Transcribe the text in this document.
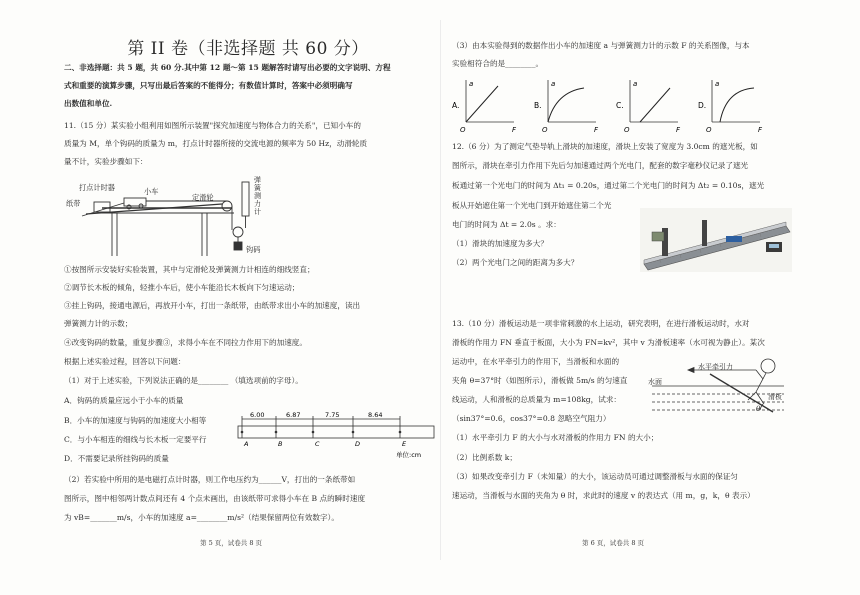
第 II 卷（非选择题 共 60 分）
二、非选择题：共 5 题，共 60 分.其中第 12 题～第 15 题解答时请写出必要的文字说明、方程
式和重要的演算步骤，只写出最后答案的不能得分；有数值计算时，答案中必须明确写
出数值和单位.
11.（15 分）某实验小组利用如图所示装置"探究加速度与物体合力的关系"，已知小车的
质量为 M，单个钩码的质量为 m，打点计时器所接的交流电源的频率为 50 Hz，动滑轮质
量不计，实验步骤如下：
打点计时器	小车
纸带
定滑轮
弹簧测力计
钩码
①按图所示安装好实验装置，其中与定滑轮及弹簧测力计相连的细线竖直；
②调节长木板的倾角，轻推小车后，使小车能沿长木板向下匀速运动；
③挂上钩码，接通电源后，再放开小车，打出一条纸带，由纸带求出小车的加速度，读出
弹簧测力计的示数；
④改变钩码的数量，重复步骤③，求得小车在不同拉力作用下的加速度。
根据上述实验过程，回答以下问题：
（1）对于上述实验，下列说法正确的是________ （填选项前的字母）。
A．钩码的质量应远小于小车的质量
B．小车的加速度与钩码的加速度大小相等
C．与小车相连的细线与长木板一定要平行
D．不需要记录所挂钩码的质量
6.00	6.87	7.75	8.64
A	B	C	D	E
单位:cm
（2）若实验中所用的是电磁打点计时器，则工作电压约为______V，打出的一条纸带如
图所示，图中相邻两计数点间还有 4 个点未画出，由该纸带可求得小车在 B 点的瞬时速度
为 vB=_______m/s，小车的加速度 a=________m/s²（结果保留两位有效数字）。
第 5 页，试卷共 8 页
（3）由本实验得到的数据作出小车的加速度 a 与弹簧测力计的示数 F 的关系图像，与本
实验相符合的是________。
A.
a
F
O
B.
a
F
O
C.
a
F
O
D.
a
F
O
12.（6 分）为了测定气垫导轨上滑块的加速度，滑块上安装了宽度为 3.0cm 的遮光板，如
图所示，滑块在牵引力作用下先后匀加速通过两个光电门，配套的数字毫秒仪记录了遮光
板通过第一个光电门的时间为 Δt₁ = 0.20s，通过第二个光电门的时间为 Δt₂ = 0.10s，遮光
板从开始遮住第一个光电门到开始遮住第二个光
电门的时间为 Δt = 2.0s 。求：
（1）滑块的加速度为多大？
（2）两个光电门之间的距离为多大？
13.（10 分）滑板运动是一项非常刺激的水上运动，研究表明，在进行滑板运动时，水对
滑板的作用力 FN 垂直于板面，大小为 FN=kv²，其中 v 为滑板速率（水可视为静止）。某次
运动中，在水平牵引力的作用下，当滑板和水面的
夹角 θ=37°时（如图所示），滑板做 5m/s 的匀速直
线运动，人和滑板的总质量为 m=108kg，试求：
（sin37°=0.6，cos37°=0.8 忽略空气阻力）
水平牵引力
水面
滑板
θ
（1）水平牵引力 F 的大小与水对滑板的作用力 FN 的大小；
（2）比例系数 k；
（3）如果改变牵引力 F（未知量）的大小，该运动员可通过调整滑板与水面的保证匀
速运动，当滑板与水面的夹角为 θ 时，求此时的速度 v 的表达式（用 m，g，k，θ 表示）
第 6 页，试卷共 8 页
